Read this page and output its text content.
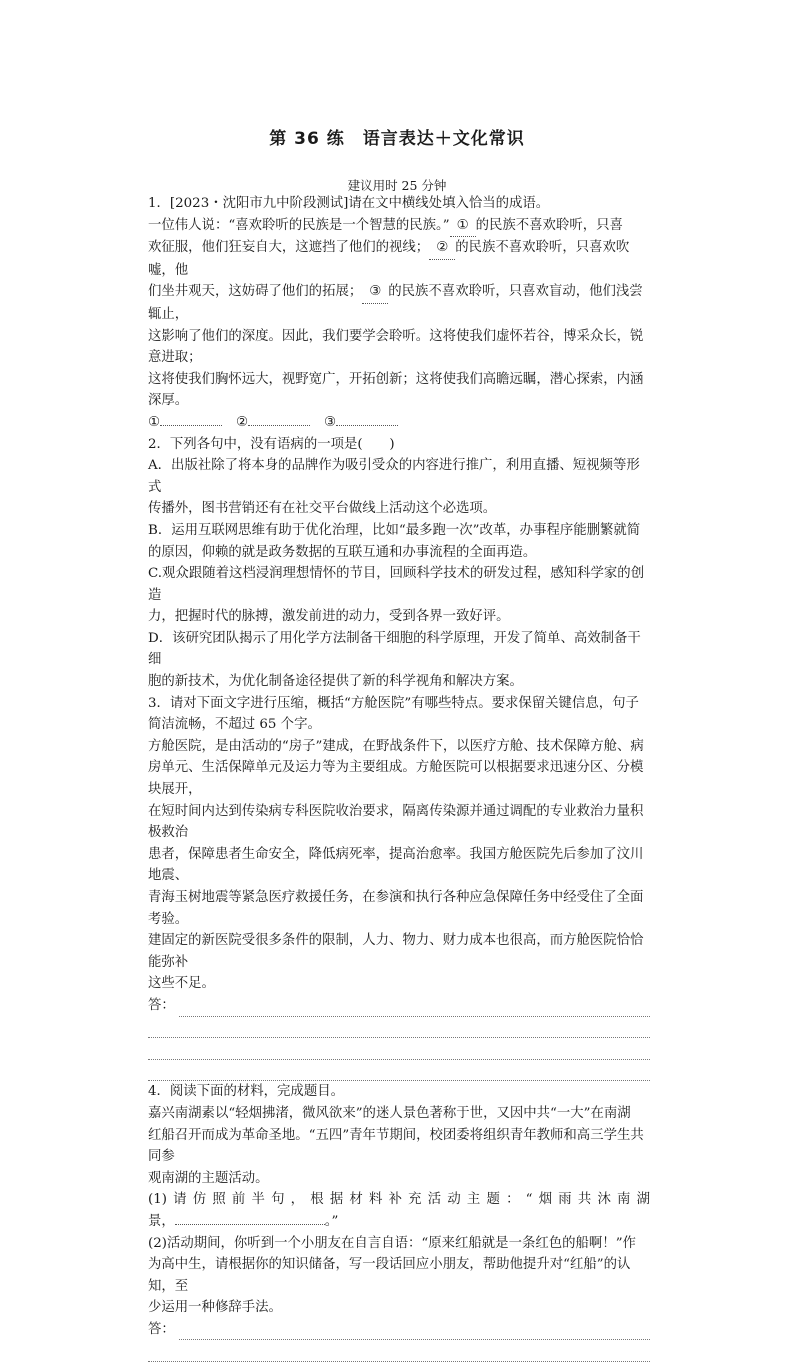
第 36 练　语言表达＋文化常识
建议用时 25 分钟

1．[2023・沈阳市九中阶段测试]请在文中横线处填入恰当的成语。

一位伟人说：“喜欢聆听的民族是一个智慧的民族。” ① 的民族不喜欢聆听，只喜

欢征服，他们狂妄自大，这遮挡了他们的视线； ② 的民族不喜欢聆听，只喜欢吹嘘，他

们坐井观天，这妨碍了他们的拓展； ③ 的民族不喜欢聆听，只喜欢盲动，他们浅尝辄止，

这影响了他们的深度。因此，我们要学会聆听。这将使我们虚怀若谷，博采众长，锐意进取；

这将使我们胸怀远大，视野宽广，开拓创新；这将使我们高瞻远瞩，潜心探索，内涵深厚。

①	②	③

2．下列各句中，没有语病的一项是(　　)

A．出版社除了将本身的品牌作为吸引受众的内容进行推广，利用直播、短视频等形式

传播外，图书营销还有在社交平台做线上活动这个必选项。

B．运用互联网思维有助于优化治理，比如“最多跑一次”改革，办事程序能删繁就简

的原因，仰赖的就是政务数据的互联互通和办事流程的全面再造。

C.观众跟随着这档浸润理想情怀的节目，回顾科学技术的研发过程，感知科学家的创造

力，把握时代的脉搏，激发前进的动力，受到各界一致好评。

D．该研究团队揭示了用化学方法制备干细胞的科学原理，开发了简单、高效制备干细

胞的新技术，为优化制备途径提供了新的科学视角和解决方案。

3．请对下面文字进行压缩，概括“方舱医院”有哪些特点。要求保留关键信息，句子

简洁流畅，不超过 65 个字。

方舱医院，是由活动的“房子”建成，在野战条件下，以医疗方舱、技术保障方舱、病

房单元、生活保障单元及运力等为主要组成。方舱医院可以根据要求迅速分区、分模块展开，

在短时间内达到传染病专科医院收治要求，隔离传染源并通过调配的专业救治力量积极救治

患者，保障患者生命安全，降低病死率，提高治愈率。我国方舱医院先后参加了汶川地震、

青海玉树地震等紧急医疗救援任务，在参演和执行各种应急保障任务中经受住了全面考验。

建固定的新医院受很多条件的限制，人力、物力、财力成本也很高，而方舱医院恰恰能弥补

这些不足。

答：

4．阅读下面的材料，完成题目。

嘉兴南湖素以“轻烟拂渚，微风欲来”的迷人景色著称于世，又因中共“一大”在南湖

红船召开而成为革命圣地。“五四”青年节期间，校团委将组织青年教师和高三学生共同参

观南湖的主题活动。

(1)请仿照前半句，根据材料补充活动主题：“烟雨共沐南湖

景，	。”

(2)活动期间，你听到一个小朋友在自言自语：“原来红船就是一条红色的船啊！”作

为高中生，请根据你的知识储备，写一段话回应小朋友，帮助他提升对“红船”的认知，至

少运用一种修辞手法。

答：
